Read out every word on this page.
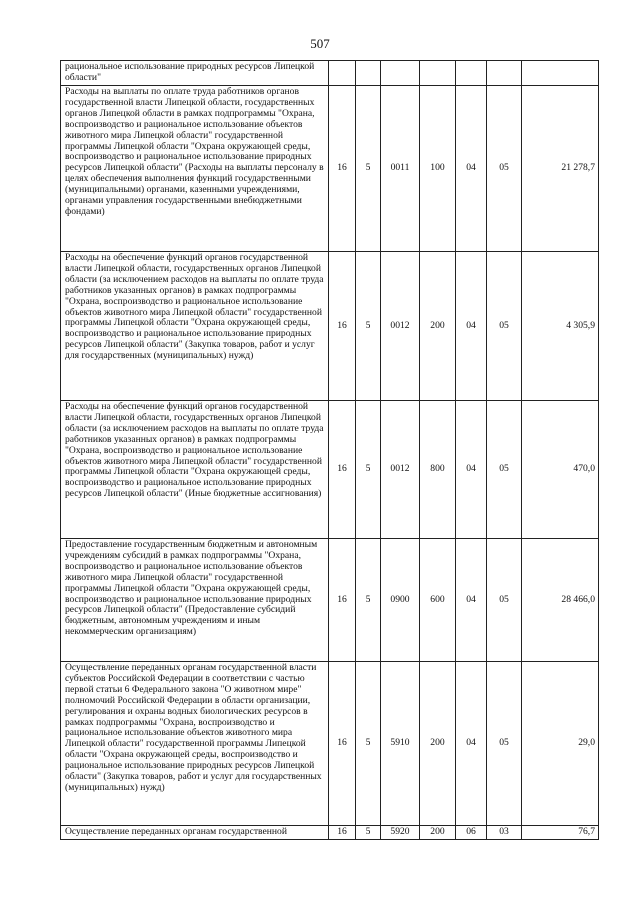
507
рациональное использование природных ресурсов Липецкой области"							
Расходы на выплаты по оплате труда работников органов государственной власти Липецкой области, государственных органов Липецкой области в рамках подпрограммы "Охрана, воспроизводство и рациональное использование объектов животного мира Липецкой области" государственной программы Липецкой области "Охрана окружающей среды, воспроизводство и рациональное использование природных ресурсов Липецкой области" (Расходы на выплаты персоналу в целях обеспечения выполнения функций государственными (муниципальными) органами, казенными учреждениями, органами управления государственными внебюджетными фондами)	16	5	0011	100	04	05	21 278,7
Расходы на обеспечение функций органов государственной власти Липецкой области, государственных органов Липецкой области (за исключением расходов на выплаты по оплате труда работников указанных органов) в рамках подпрограммы "Охрана, воспроизводство и рациональное использование объектов животного мира Липецкой области" государственной программы Липецкой области "Охрана окружающей среды, воспроизводство и рациональное использование природных ресурсов Липецкой области" (Закупка товаров, работ и услуг для государственных (муниципальных) нужд)	16	5	0012	200	04	05	4 305,9
Расходы на обеспечение функций органов государственной власти Липецкой области, государственных органов Липецкой области (за исключением расходов на выплаты по оплате труда работников указанных органов) в рамках подпрограммы "Охрана, воспроизводство и рациональное использование объектов животного мира Липецкой области" государственной программы Липецкой области "Охрана окружающей среды, воспроизводство и рациональное использование природных ресурсов Липецкой области" (Иные бюджетные ассигнования)	16	5	0012	800	04	05	470,0
Предоставление государственным бюджетным и автономным учреждениям субсидий в рамках подпрограммы "Охрана, воспроизводство и рациональное использование объектов животного мира Липецкой области" государственной программы Липецкой области "Охрана окружающей среды, воспроизводство и рациональное использование природных ресурсов Липецкой области" (Предоставление субсидий бюджетным, автономным учреждениям и иным некоммерческим организациям)	16	5	0900	600	04	05	28 466,0
Осуществление переданных органам государственной власти субъектов Российской Федерации в соответствии с частью первой статьи 6 Федерального закона "О животном мире" полномочий Российской Федерации в области организации, регулирования и охраны водных биологических ресурсов в рамках подпрограммы "Охрана, воспроизводство и рациональное использование объектов животного мира Липецкой области" государственной программы Липецкой области "Охрана окружающей среды, воспроизводство и рациональное использование природных ресурсов Липецкой области" (Закупка товаров, работ и услуг для государственных (муниципальных) нужд)	16	5	5910	200	04	05	29,0
Осуществление переданных органам государственной	16	5	5920	200	06	03	76,7
